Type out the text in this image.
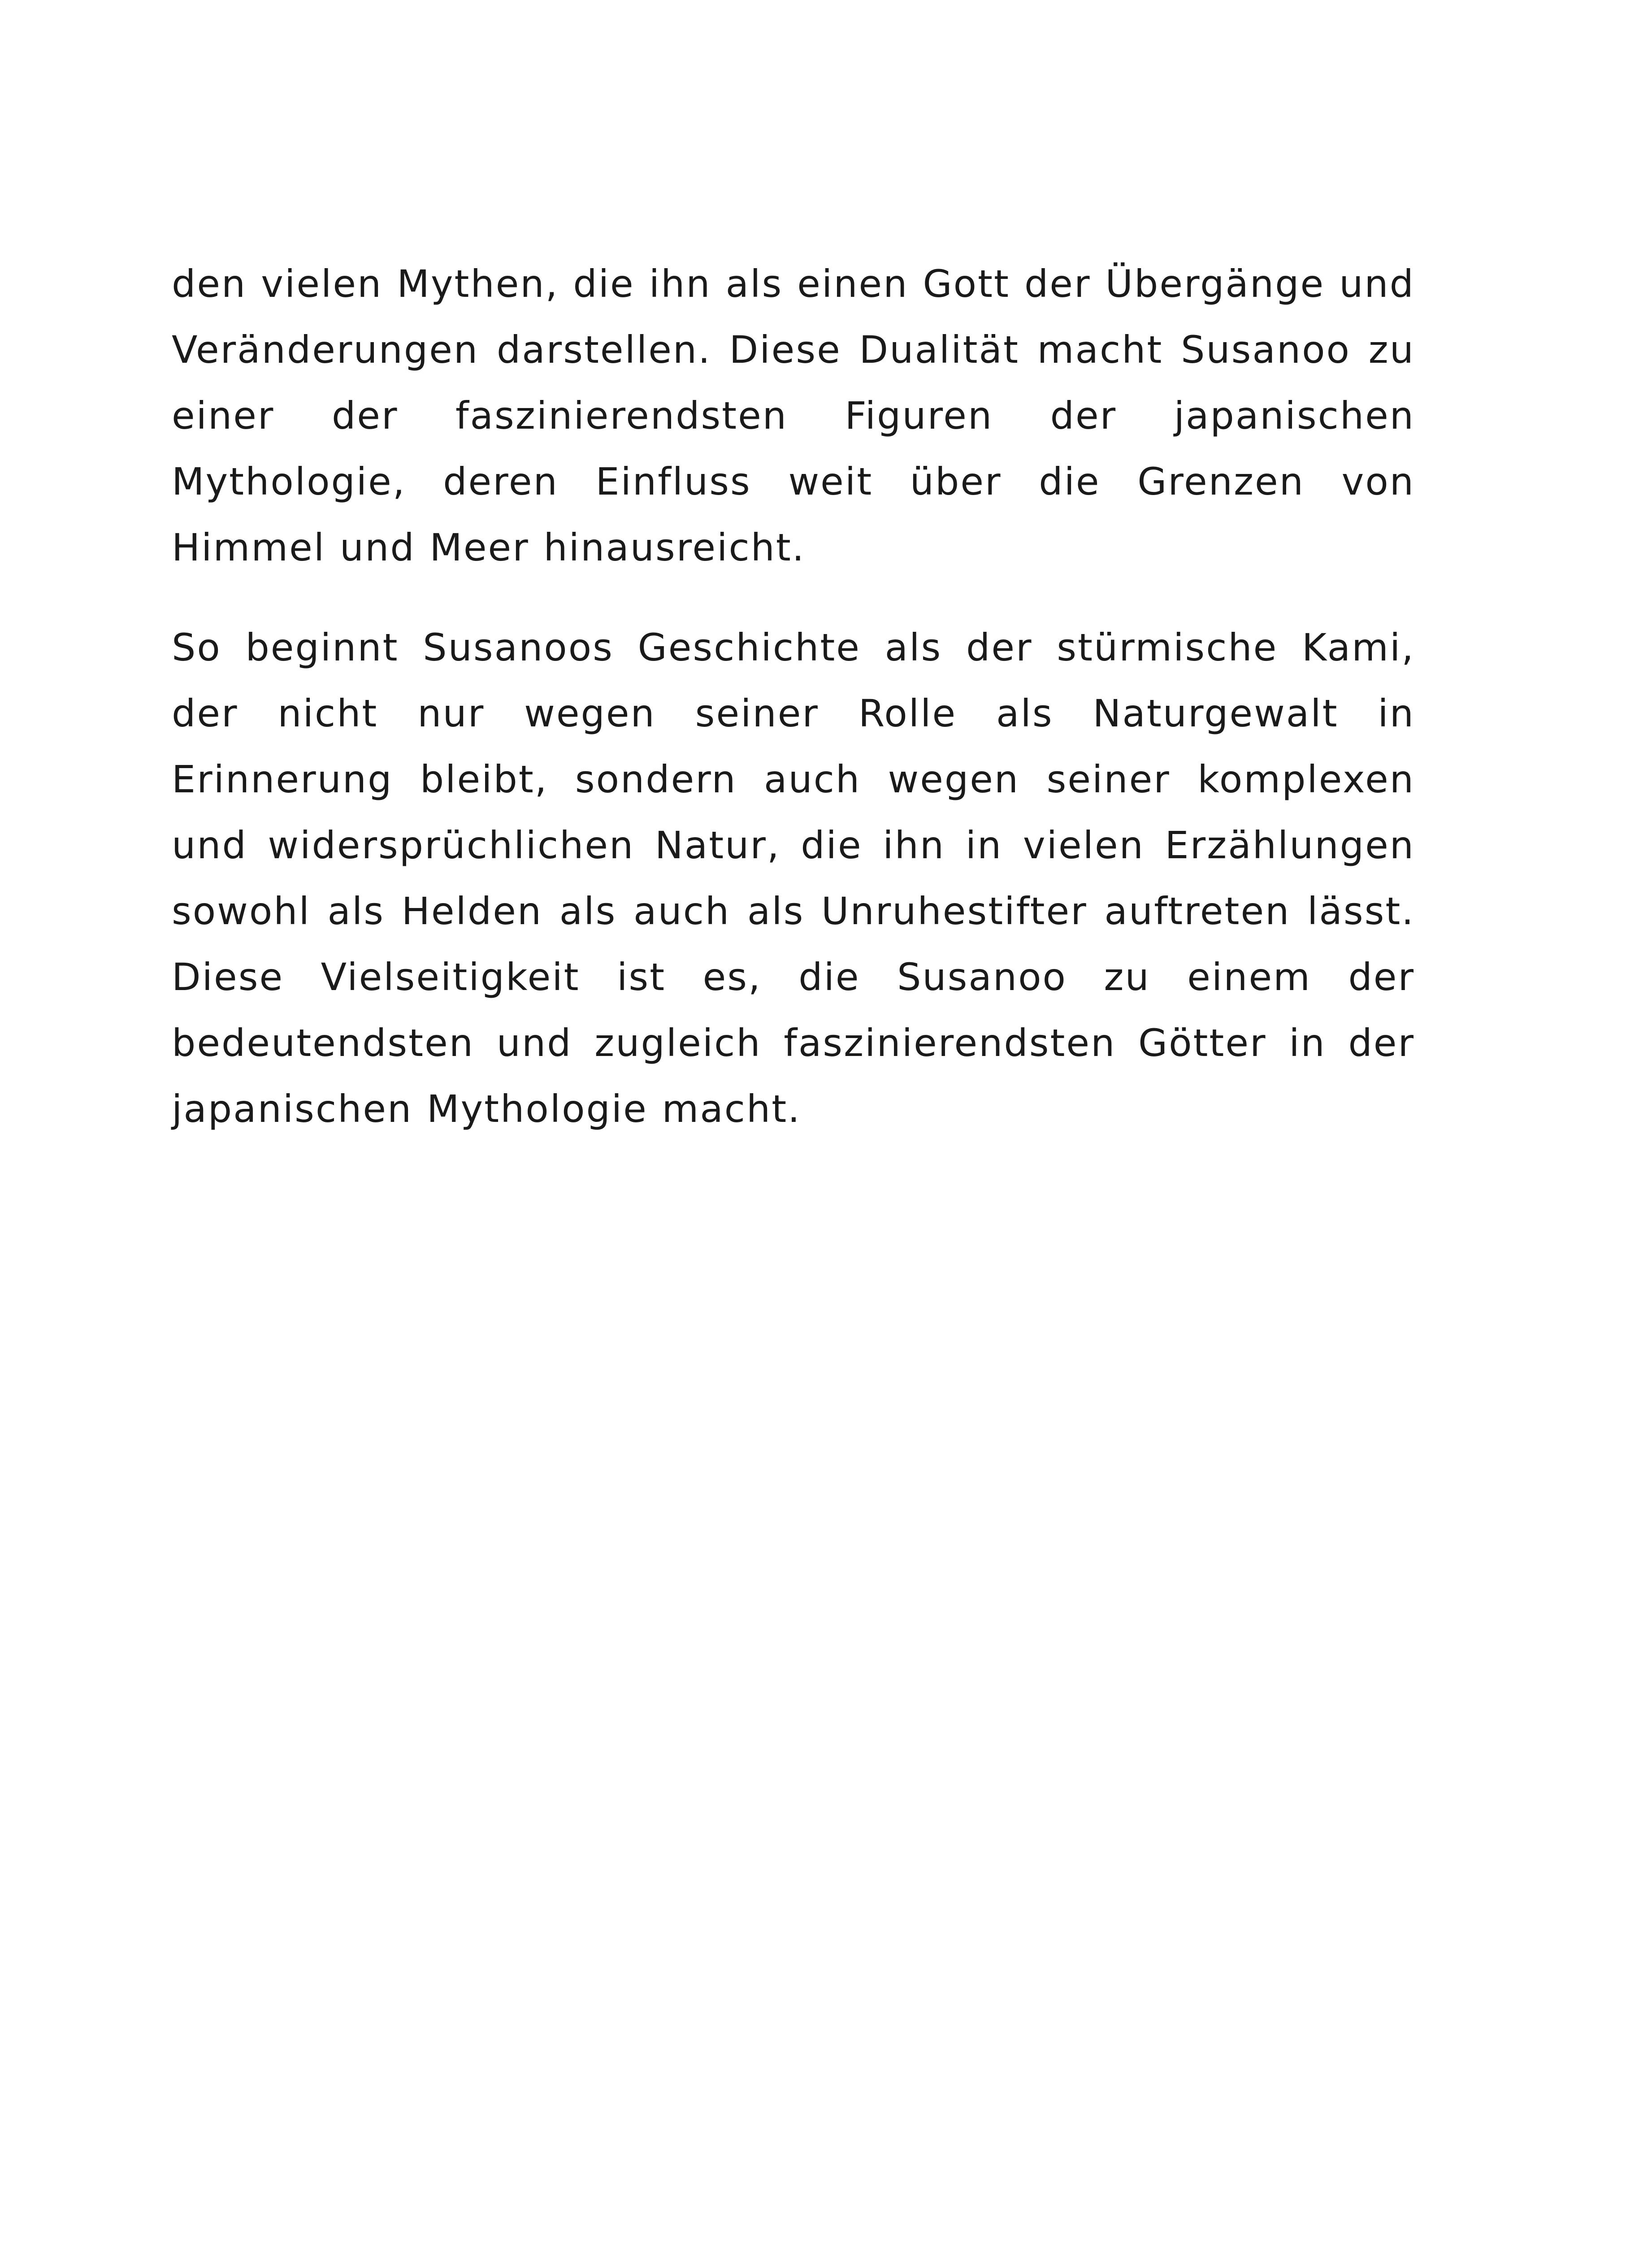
den vielen Mythen, die ihn als einen Gott der Übergänge und Veränderungen darstellen. Diese Dualität macht Susanoo zu einer der faszinierendsten Figuren der japanischen Mythologie, deren Einfluss weit über die Grenzen von Himmel und Meer hinausreicht.

So beginnt Susanoos Geschichte als der stürmische Kami, der nicht nur wegen seiner Rolle als Naturgewalt in Erinnerung bleibt, sondern auch wegen seiner komplexen und widersprüchlichen Natur, die ihn in vielen Erzählungen sowohl als Helden als auch als Unruhestifter auftreten lässt. Diese Vielseitigkeit ist es, die Susanoo zu einem der bedeutendsten und zugleich faszinierendsten Götter in der japanischen Mythologie macht.
